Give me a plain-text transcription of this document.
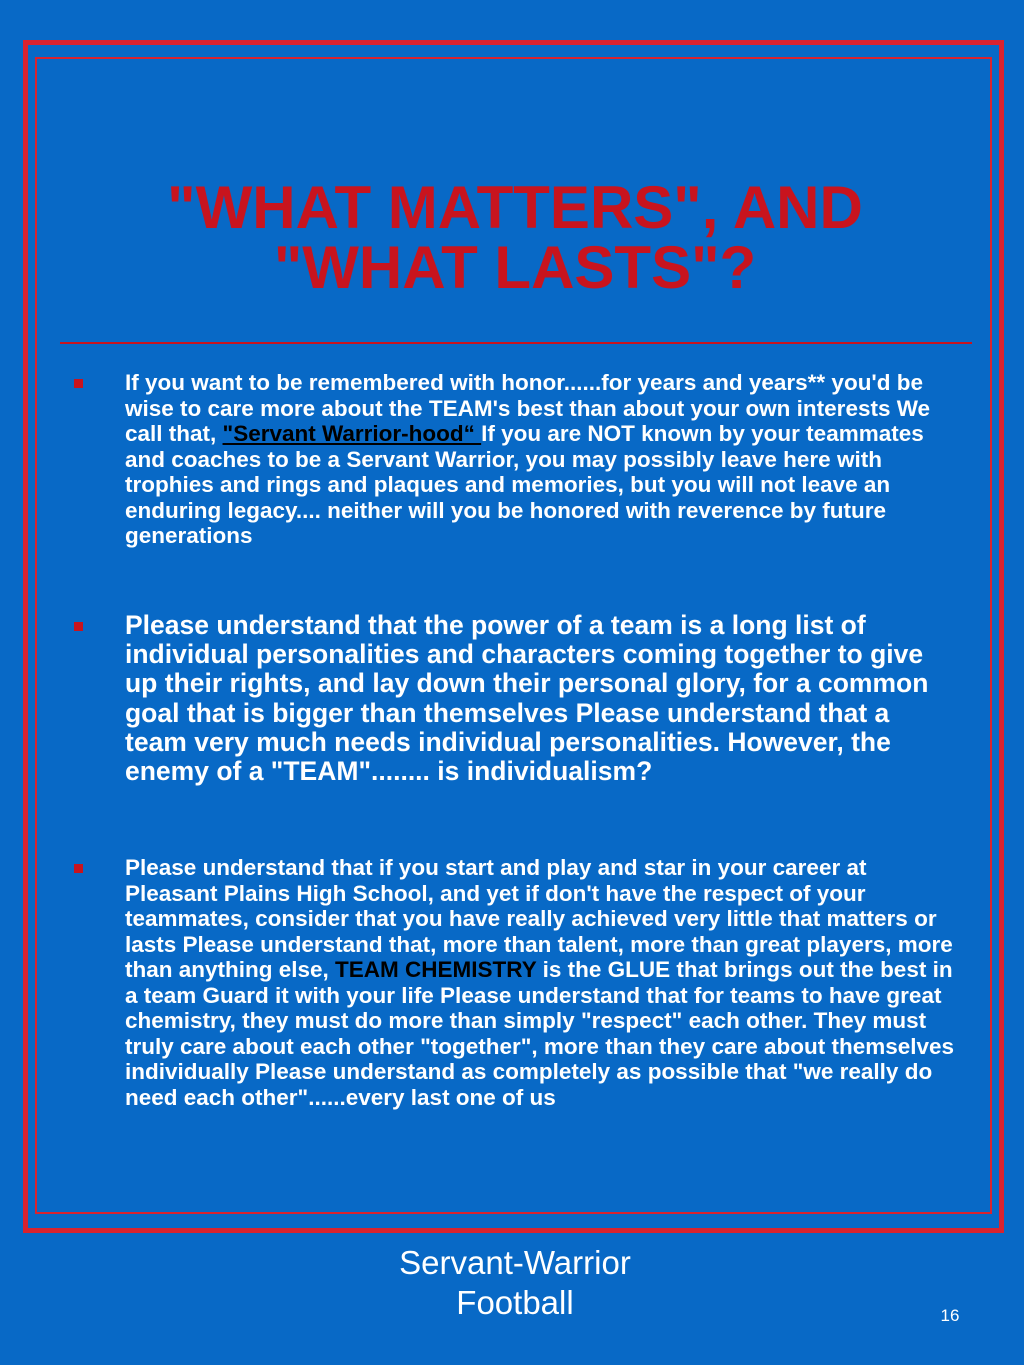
"WHAT MATTERS", AND
"WHAT LASTS"?
If you want to be remembered with honor......for years and years** you'd be wise to care more about the TEAM's best than about your own interests We call that, "Servant Warrior-hood“ If you are NOT known by your teammates and coaches to be a Servant Warrior, you may possibly leave here with trophies and rings and plaques and memories, but you will not leave an enduring legacy.... neither will you be honored with reverence by future generations
Please understand that the power of a team is a long list of individual personalities and characters coming together to give up their rights, and lay down their personal glory, for a common goal that is bigger than themselves Please understand that a team very much needs individual personalities. However, the enemy of a "TEAM"........ is individualism?
Please understand that if you start and play and star in your career at Pleasant Plains High School, and yet if don't have the respect of your teammates, consider that you have really achieved very little that matters or lasts Please understand that, more than talent, more than great players, more than anything else, TEAM CHEMISTRY is the GLUE that brings out the best in a team Guard it with your life Please understand that for teams to have great chemistry, they must do more than simply "respect" each other. They must truly care about each other "together", more than they care about themselves individually Please understand as completely as possible that "we really do need each other"......every last one of us
Servant-Warrior
Football	16
